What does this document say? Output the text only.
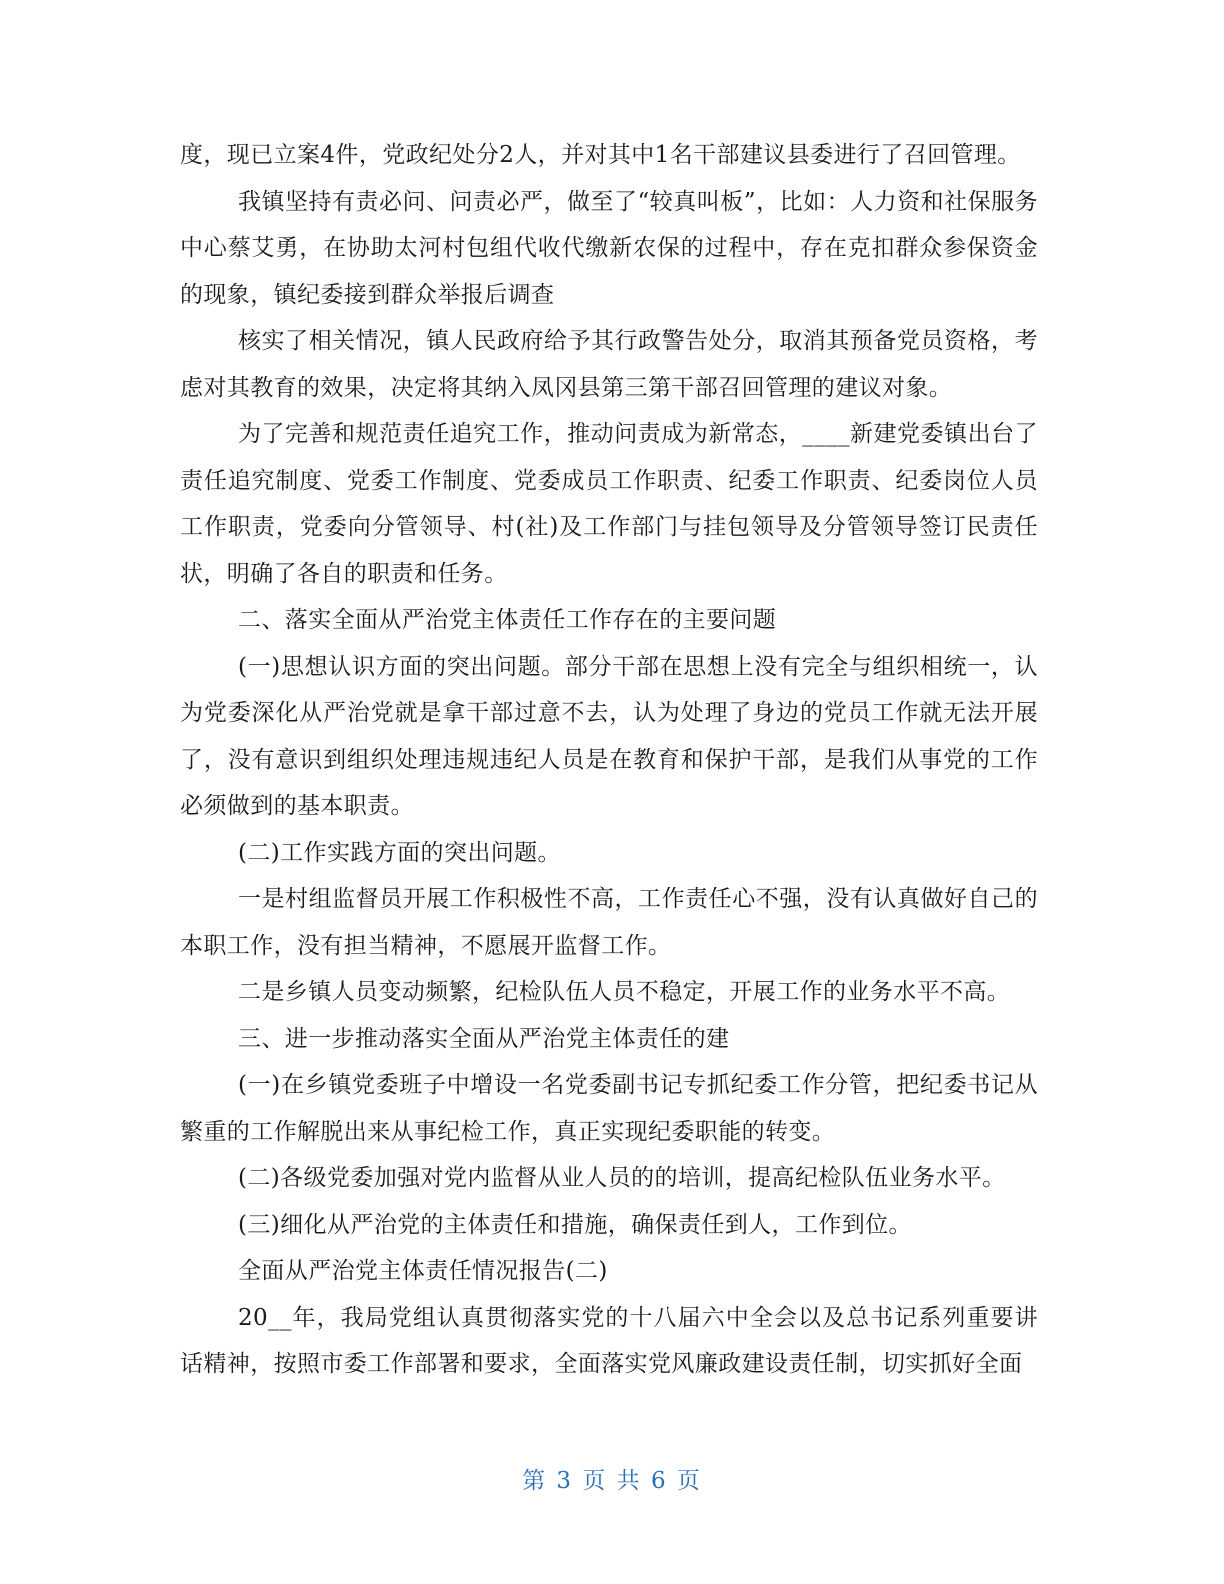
度，现已立案4件，党政纪处分2人，并对其中1名干部建议县委进行了召回管理。

我镇坚持有责必问、问责必严，做至了“较真叫板”，比如：人力资和社保服务中心蔡艾勇，在协助太河村包组代收代缴新农保的过程中，存在克扣群众参保资金的现象，镇纪委接到群众举报后调查

核实了相关情况，镇人民政府给予其行政警告处分，取消其预备党员资格，考虑对其教育的效果，决定将其纳入凤冈县第三第干部召回管理的建议对象。

为了完善和规范责任追究工作，推动问责成为新常态，____新建党委镇出台了责任追究制度、党委工作制度、党委成员工作职责、纪委工作职责、纪委岗位人员工作职责，党委向分管领导、村(社)及工作部门与挂包领导及分管领导签订民责任状，明确了各自的职责和任务。

二、落实全面从严治党主体责任工作存在的主要问题

(一)思想认识方面的突出问题。部分干部在思想上没有完全与组织相统一，认为党委深化从严治党就是拿干部过意不去，认为处理了身边的党员工作就无法开展了，没有意识到组织处理违规违纪人员是在教育和保护干部，是我们从事党的工作必须做到的基本职责。

(二)工作实践方面的突出问题。

一是村组监督员开展工作积极性不高，工作责任心不强，没有认真做好自己的本职工作，没有担当精神，不愿展开监督工作。

二是乡镇人员变动频繁，纪检队伍人员不稳定，开展工作的业务水平不高。

三、进一步推动落实全面从严治党主体责任的建

(一)在乡镇党委班子中增设一名党委副书记专抓纪委工作分管，把纪委书记从繁重的工作解脱出来从事纪检工作，真正实现纪委职能的转变。

(二)各级党委加强对党内监督从业人员的的培训，提高纪检队伍业务水平。

(三)细化从严治党的主体责任和措施，确保责任到人，工作到位。

全面从严治党主体责任情况报告(二)

20__年，我局党组认真贯彻落实党的十八届六中全会以及总书记系列重要讲话精神，按照市委工作部署和要求，全面落实党风廉政建设责任制，切实抓好全面

第 3 页 共 6 页
